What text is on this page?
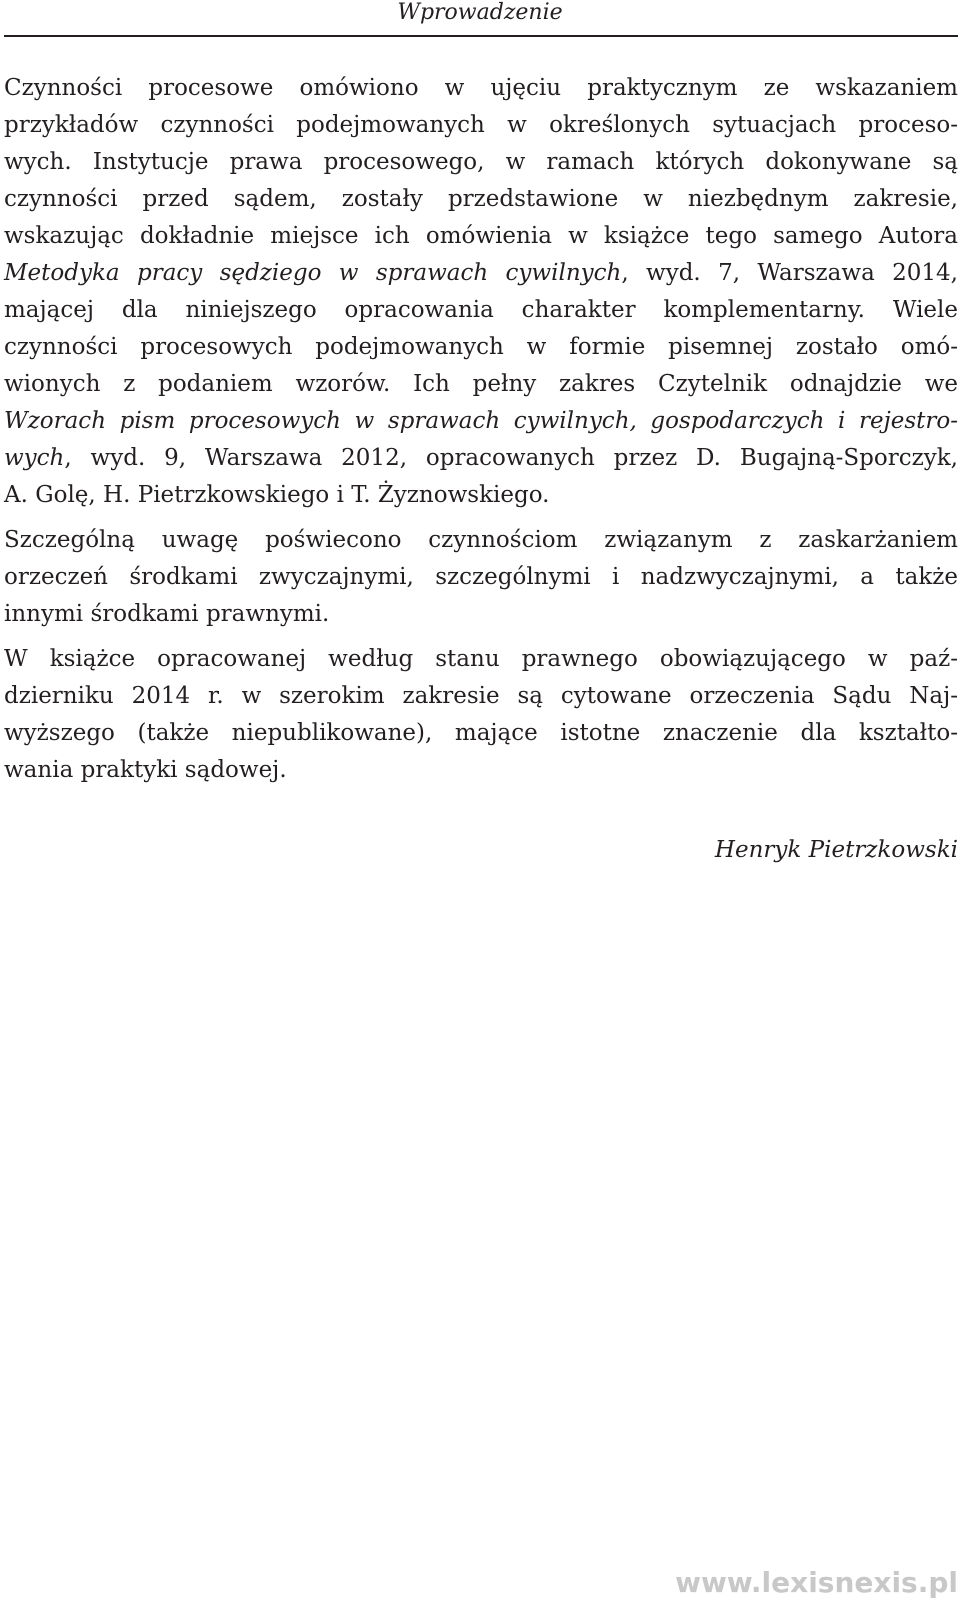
Wprowadzenie

Czynności procesowe omówiono w ujęciu praktycznym ze wskazaniem
przykładów czynności podejmowanych w określonych sytuacjach proceso-
wych. Instytucje prawa procesowego, w ramach których dokonywane są
czynności przed sądem, zostały przedstawione w niezbędnym zakresie,
wskazując dokładnie miejsce ich omówienia w książce tego samego Autora
Metodyka pracy sędziego w sprawach cywilnych, wyd. 7, Warszawa 2014,
mającej dla niniejszego opracowania charakter komplementarny. Wiele
czynności procesowych podejmowanych w formie pisemnej zostało omó-
wionych z podaniem wzorów. Ich pełny zakres Czytelnik odnajdzie we
Wzorach pism procesowych w sprawach cywilnych, gospodarczych i rejestro-
wych, wyd. 9, Warszawa 2012, opracowanych przez D. Bugajną-Sporczyk,
A. Golę, H. Pietrzkowskiego i T. Żyznowskiego.

Szczególną uwagę poświecono czynnościom związanym z zaskarżaniem
orzeczeń środkami zwyczajnymi, szczególnymi i nadzwyczajnymi, a także
innymi środkami prawnymi.

W książce opracowanej według stanu prawnego obowiązującego w paź-
dzierniku 2014 r. w szerokim zakresie są cytowane orzeczenia Sądu Naj-
wyższego (także niepublikowane), mające istotne znaczenie dla kształto-
wania praktyki sądowej.

Henryk Pietrzkowski
www.lexisnexis.pl
